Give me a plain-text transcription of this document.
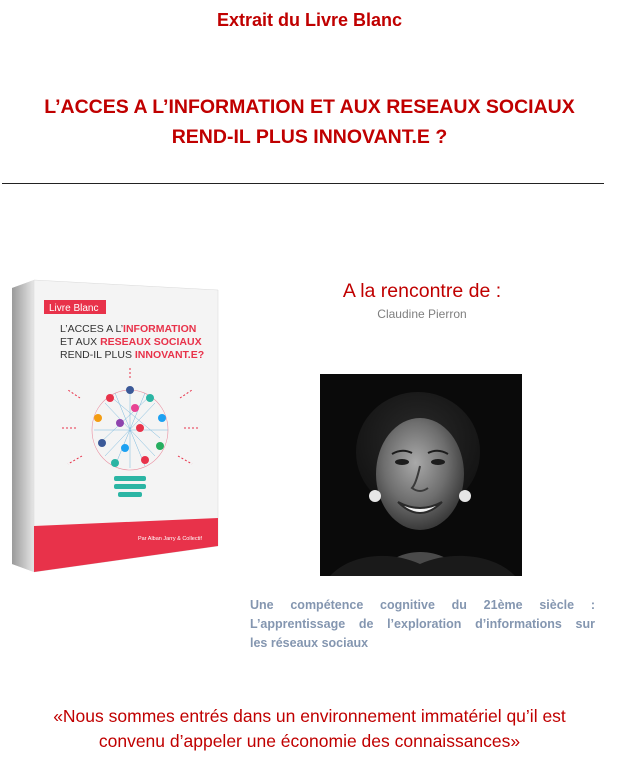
Extrait du Livre Blanc
L’ACCES A L’INFORMATION ET AUX RESEAUX SOCIAUX
REND-IL PLUS INNOVANT.E ?
Livre Blanc
L’ACCES A L’INFORMATION
ET AUX RESEAUX SOCIAUX
REND-IL PLUS INNOVANT.E?
Par Alban Jarry & Collectif
A la rencontre de :
Claudine Pierron
Une compétence cognitive du 21ème siècle :
L’apprentissage de l’exploration d’informations sur
les réseaux sociaux
«Nous sommes entrés dans un environnement immatériel qu’il est
convenu d’appeler une économie des connaissances»
